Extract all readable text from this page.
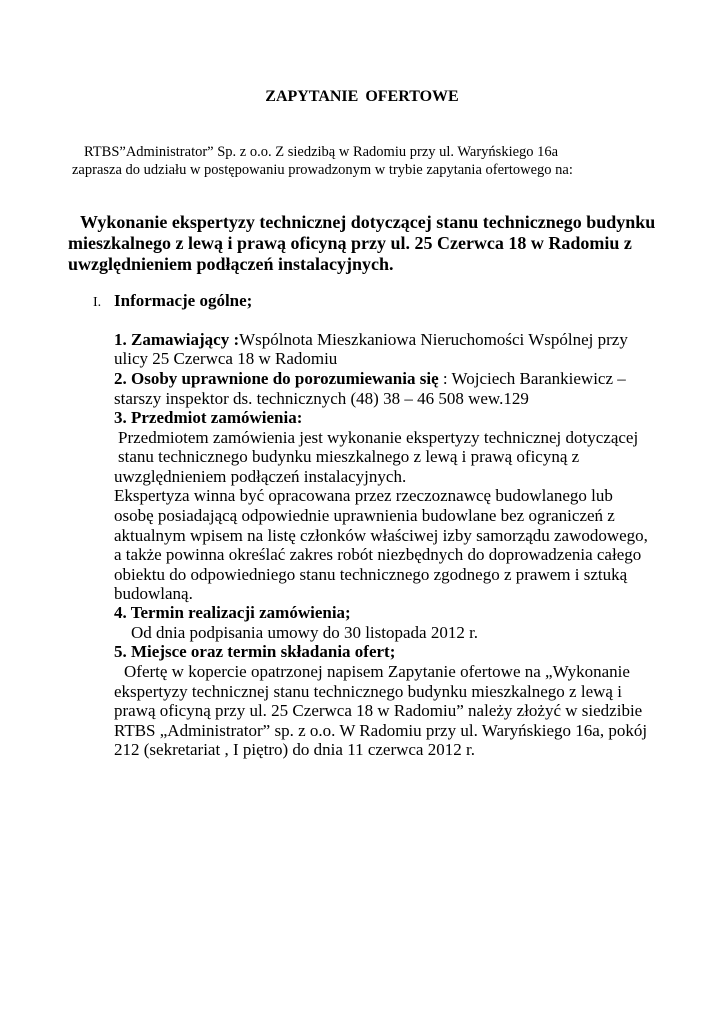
ZAPYTANIE OFERTOWE
RTBS”Administrator” Sp. z o.o. Z siedzibą w Radomiu przy ul. Waryńskiego 16a
zaprasza do udziału w postępowaniu prowadzonym w trybie zapytania ofertowego na:
Wykonanie ekspertyzy technicznej dotyczącej stanu technicznego budynku
mieszkalnego z lewą i prawą oficyną przy ul. 25 Czerwca 18 w Radomiu z
uwzględnieniem podłączeń instalacyjnych.
I. Informacje ogólne;
1. Zamawiający :Wspólnota Mieszkaniowa Nieruchomości Wspólnej przy
ulicy 25 Czerwca 18 w Radomiu
2. Osoby uprawnione do porozumiewania się : Wojciech Barankiewicz –
starszy inspektor ds. technicznych (48) 38 – 46 508 wew.129
3. Przedmiot zamówienia:
Przedmiotem zamówienia jest wykonanie ekspertyzy technicznej dotyczącej
stanu technicznego budynku mieszkalnego z lewą i prawą oficyną z
uwzględnieniem podłączeń instalacyjnych.
Ekspertyza winna być opracowana przez rzeczoznawcę budowlanego lub
osobę posiadającą odpowiednie uprawnienia budowlane bez ograniczeń z
aktualnym wpisem na listę członków właściwej izby samorządu zawodowego,
a także powinna określać zakres robót niezbędnych do doprowadzenia całego
obiektu do odpowiedniego stanu technicznego zgodnego z prawem i sztuką
budowlaną.
4. Termin realizacji zamówienia;
Od dnia podpisania umowy do 30 listopada 2012 r.
5. Miejsce oraz termin składania ofert;
Ofertę w kopercie opatrzonej napisem Zapytanie ofertowe na „Wykonanie
ekspertyzy technicznej stanu technicznego budynku mieszkalnego z lewą i
prawą oficyną przy ul. 25 Czerwca 18 w Radomiu” należy złożyć w siedzibie
RTBS „Administrator” sp. z o.o. W Radomiu przy ul. Waryńskiego 16a, pokój
212 (sekretariat , I piętro) do dnia 11 czerwca 2012 r.
